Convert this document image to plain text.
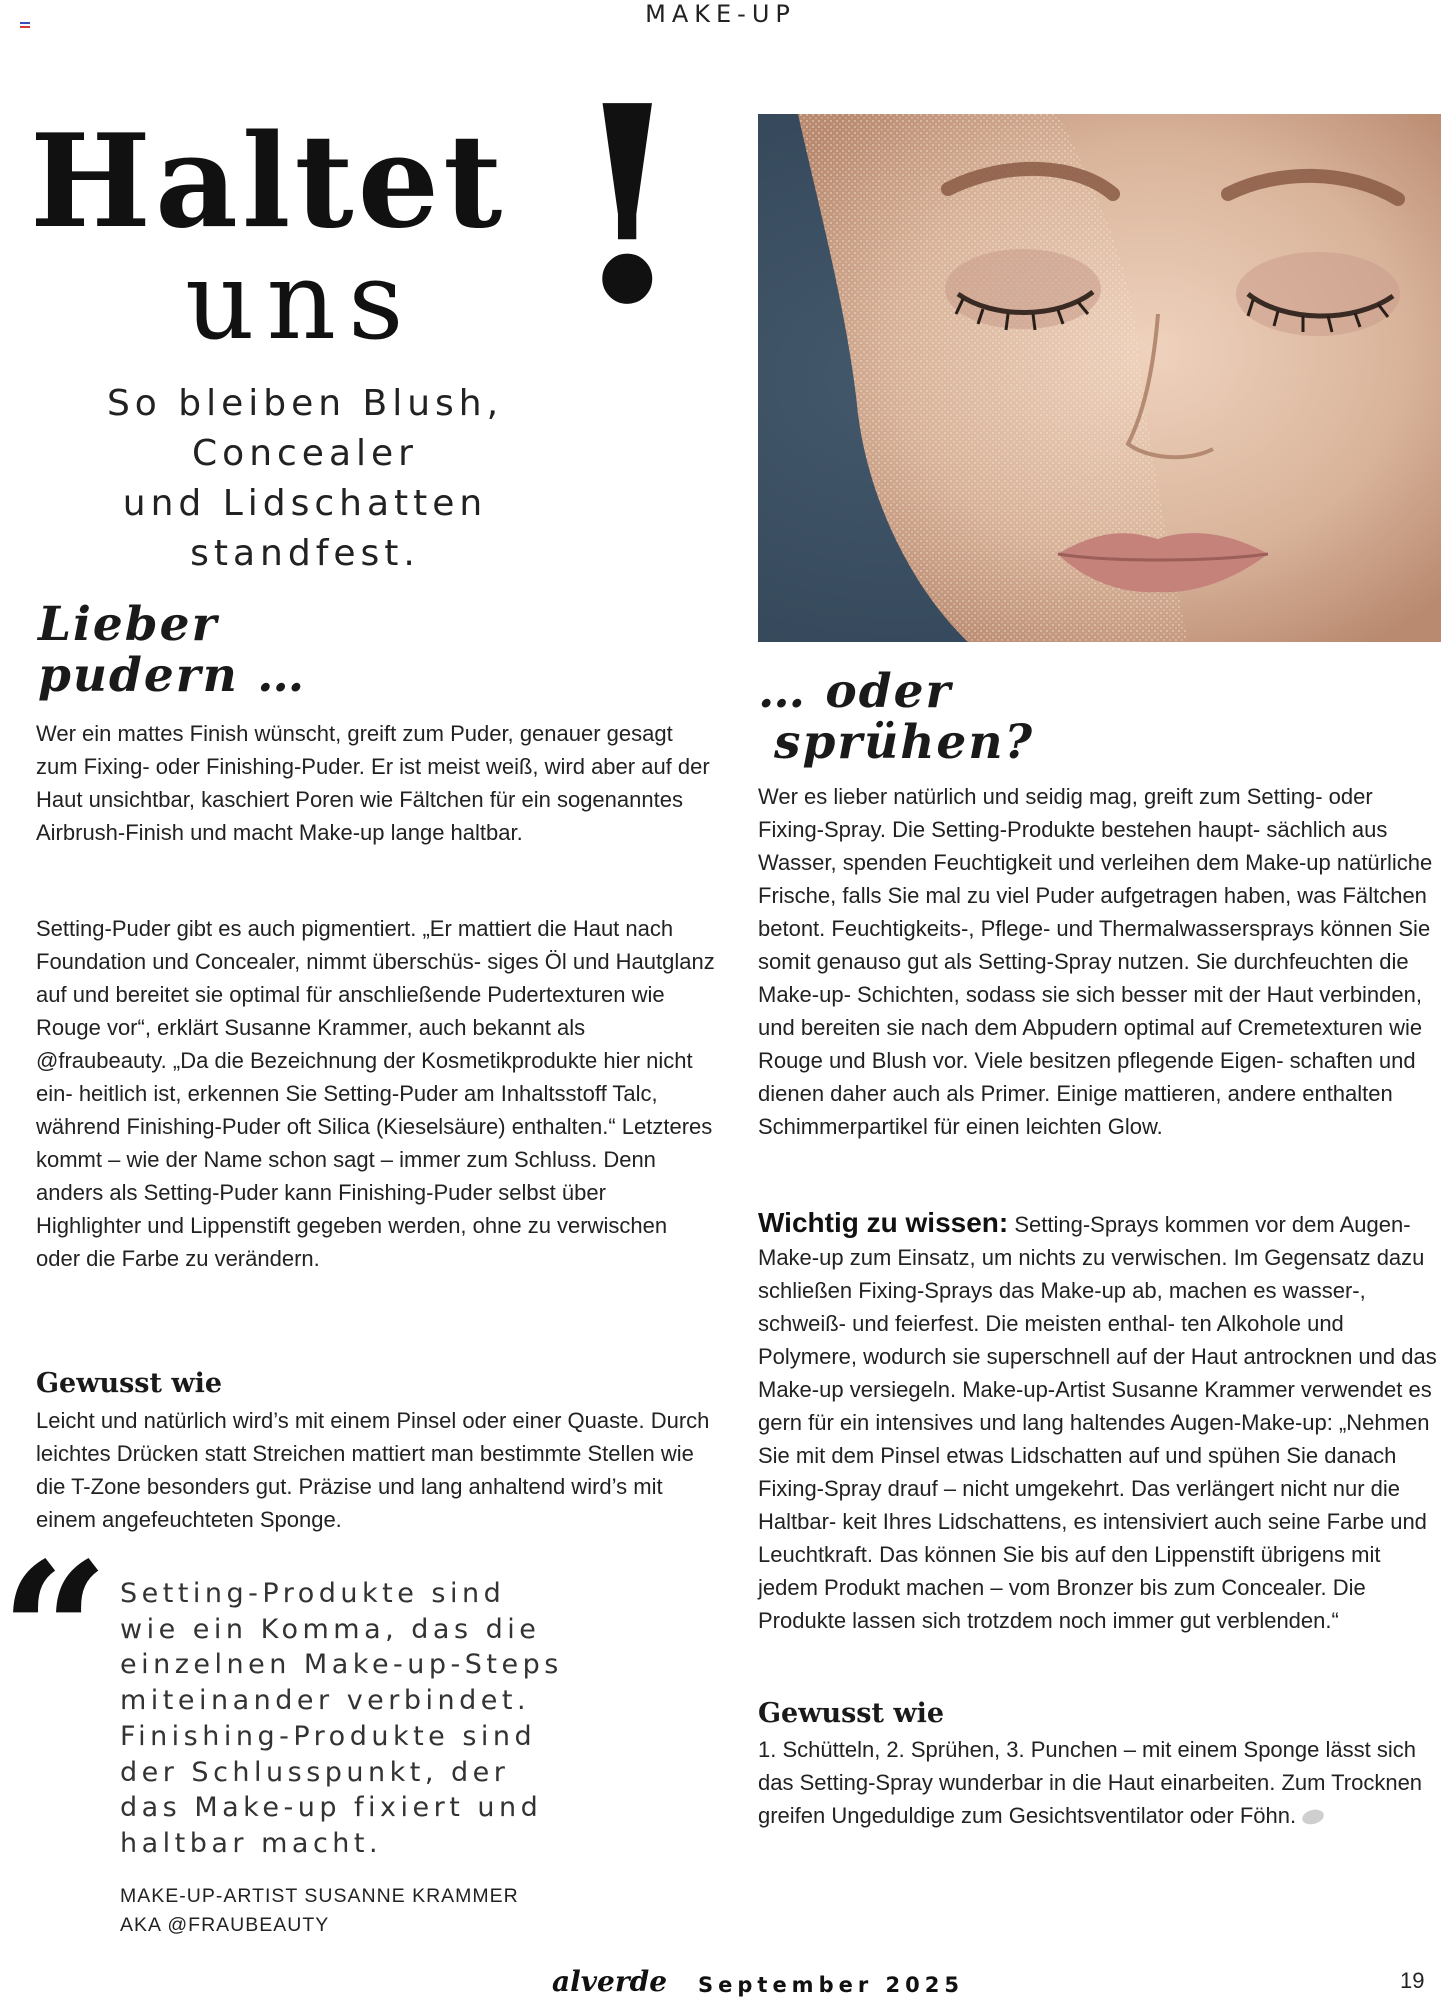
MAKE-UP
Haltet
uns !
So bleiben Blush,
Concealer
und Lidschatten
standfest.
Lieber
pudern …
Wer ein mattes Finish wünscht, greift zum Puder, genauer gesagt zum Fixing- oder Finishing-Puder. Er ist meist weiß, wird aber auf der Haut unsichtbar, kaschiert Poren wie Fältchen für ein sogenanntes Airbrush-Finish und macht Make-up lange haltbar.
Setting-Puder gibt es auch pigmentiert. „Er mattiert die Haut nach Foundation und Concealer, nimmt überschüs- siges Öl und Hautglanz auf und bereitet sie optimal für anschließende Pudertexturen wie Rouge vor“, erklärt Susanne Krammer, auch bekannt als @fraubeauty. „Da die Bezeichnung der Kosmetikprodukte hier nicht ein- heitlich ist, erkennen Sie Setting-Puder am Inhaltsstoff Talc, während Finishing-Puder oft Silica (Kieselsäure) enthalten.“ Letzteres kommt – wie der Name schon sagt – immer zum Schluss. Denn anders als Setting-Puder kann Finishing-Puder selbst über Highlighter und Lippenstift gegeben werden, ohne zu verwischen oder die Farbe zu verändern.
Gewusst wie
Leicht und natürlich wird’s mit einem Pinsel oder einer Quaste. Durch leichtes Drücken statt Streichen mattiert man bestimmte Stellen wie die T-Zone besonders gut. Präzise und lang anhaltend wird’s mit einem angefeuchteten Sponge.
“ Setting-Produkte sind
wie ein Komma, das die
einzelnen Make-up-Steps
miteinander verbindet.
Finishing-Produkte sind
der Schlusspunkt, der
das Make-up fixiert und
haltbar macht.
MAKE-UP-ARTIST SUSANNE KRAMMER
AKA @FRAUBEAUTY
… oder
sprühen?
Wer es lieber natürlich und seidig mag, greift zum Setting- oder Fixing-Spray. Die Setting-Produkte bestehen haupt- sächlich aus Wasser, spenden Feuchtigkeit und verleihen dem Make-up natürliche Frische, falls Sie mal zu viel Puder aufgetragen haben, was Fältchen betont. Feuchtigkeits-, Pflege- und Thermalwassersprays können Sie somit genauso gut als Setting-Spray nutzen. Sie durchfeuchten die Make-up- Schichten, sodass sie sich besser mit der Haut verbinden, und bereiten sie nach dem Abpudern optimal auf Cremetexturen wie Rouge und Blush vor. Viele besitzen pflegende Eigen- schaften und dienen daher auch als Primer. Einige mattieren, andere enthalten Schimmerpartikel für einen leichten Glow.
Wichtig zu wissen: Setting-Sprays kommen vor dem Augen-Make-up zum Einsatz, um nichts zu verwischen. Im Gegensatz dazu schließen Fixing-Sprays das Make-up ab, machen es wasser-, schweiß- und feierfest. Die meisten enthal- ten Alkohole und Polymere, wodurch sie superschnell auf der Haut antrocknen und das Make-up versiegeln. Make-up-Artist Susanne Krammer verwendet es gern für ein intensives und lang haltendes Augen-Make-up: „Nehmen Sie mit dem Pinsel etwas Lidschatten auf und spühen Sie danach Fixing-Spray drauf – nicht umgekehrt. Das verlängert nicht nur die Haltbar- keit Ihres Lidschattens, es intensiviert auch seine Farbe und Leuchtkraft. Das können Sie bis auf den Lippenstift übrigens mit jedem Produkt machen – vom Bronzer bis zum Concealer. Die Produkte lassen sich trotzdem noch immer gut verblenden.“
Gewusst wie
1. Schütteln, 2. Sprühen, 3. Punchen – mit einem Sponge lässt sich das Setting-Spray wunderbar in die Haut einarbeiten. Zum Trocknen greifen Ungeduldige zum Gesichtsventilator oder Föhn.
alverde September 2025	19
